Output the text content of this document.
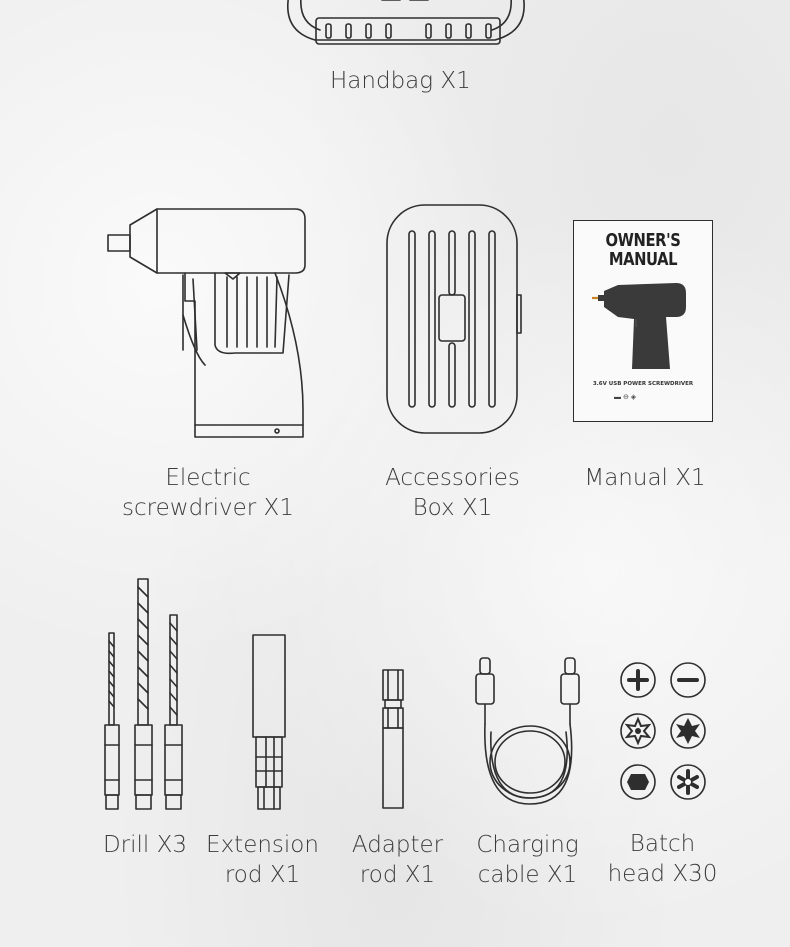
Handbag X1
Electric
screwdriver X1
Accessories
Box X1
OWNER'S
MANUAL
3.6V USB POWER SCREWDRIVER
▬ ⊖ ◈
Manual X1
Drill X3 Extension
rod X1
Adapter
rod X1
Charging
cable X1
Batch
head X30
